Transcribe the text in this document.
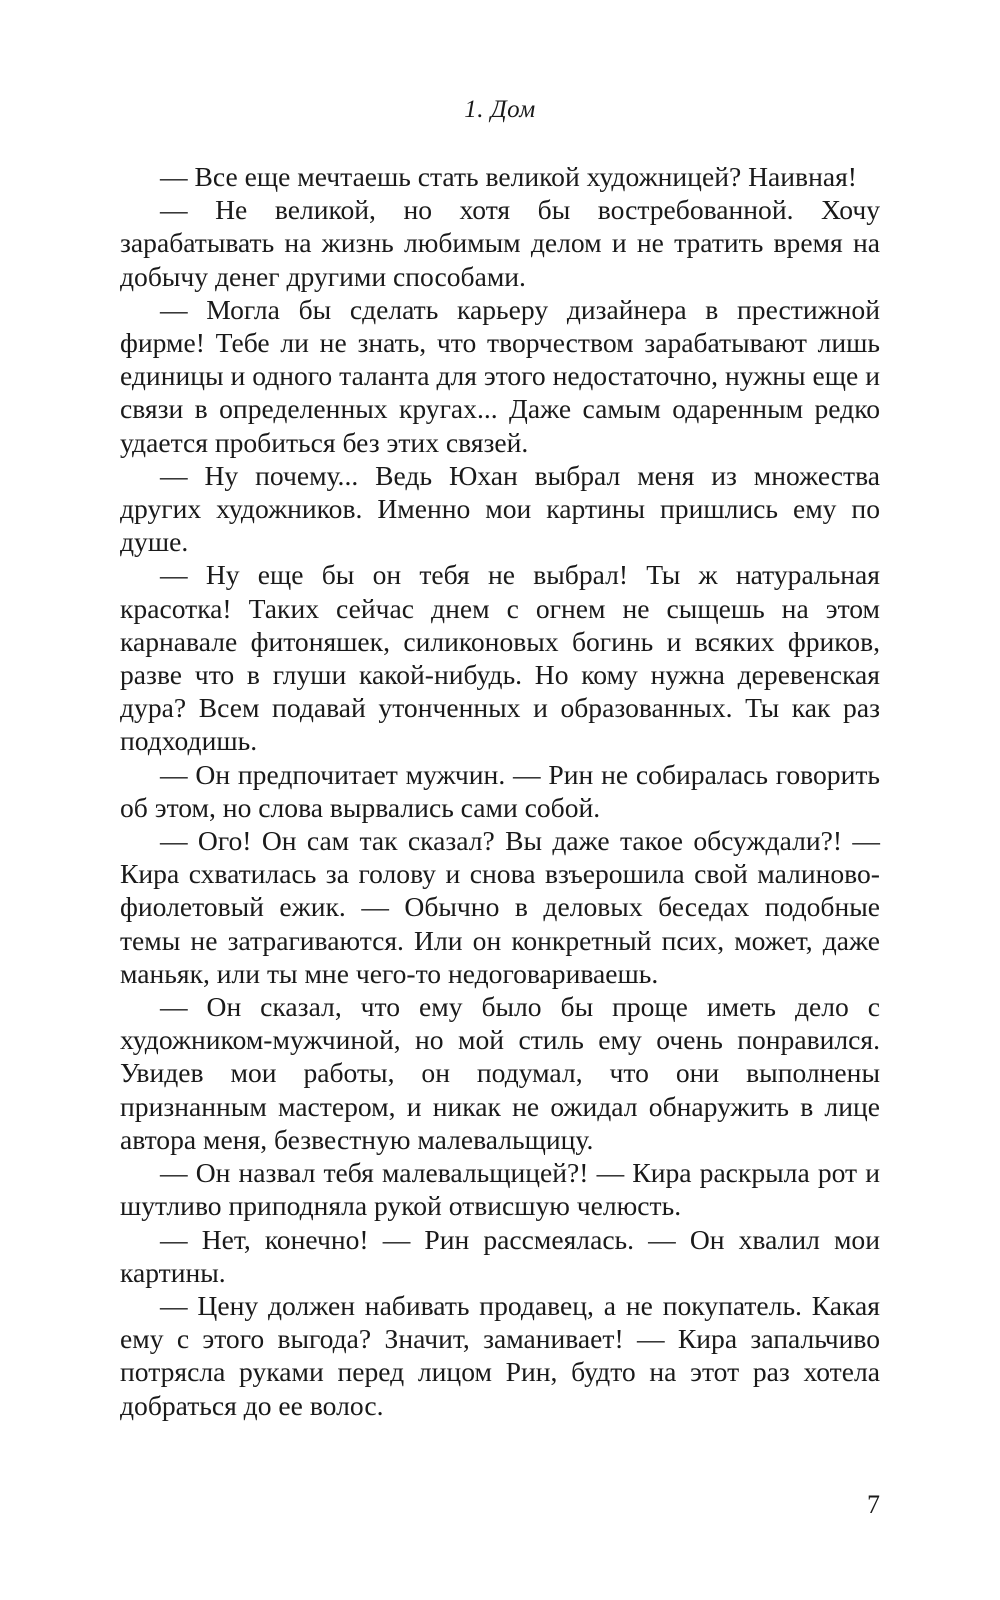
1. Дом

— Все еще мечтаешь стать великой художницей? Наивная!

— Не великой, но хотя бы востребованной. Хочу зарабатывать на жизнь любимым делом и не тратить время на добычу денег другими способами.

— Могла бы сделать карьеру дизайнера в престижной фирме! Тебе ли не знать, что творчеством зарабатывают лишь единицы и одного таланта для этого недостаточно, нужны еще и связи в определенных кругах... Даже самым одаренным редко удается пробиться без этих связей.

— Ну почему... Ведь Юхан выбрал меня из множества других художников. Именно мои картины пришлись ему по душе.

— Ну еще бы он тебя не выбрал! Ты ж натуральная красотка! Таких сейчас днем с огнем не сыщешь на этом карнавале фитоняшек, силиконовых богинь и всяких фриков, разве что в глуши какой-нибудь. Но кому нужна деревенская дура? Всем подавай утонченных и образованных. Ты как раз подходишь.

— Он предпочитает мужчин. — Рин не собиралась говорить об этом, но слова вырвались сами собой.

— Ого! Он сам так сказал? Вы даже такое обсуждали?! — Кира схватилась за голову и снова взъерошила свой малиново-фиолетовый ежик. — Обычно в деловых беседах подобные темы не затрагиваются. Или он конкретный псих, может, даже маньяк, или ты мне чего-то недоговариваешь.

— Он сказал, что ему было бы проще иметь дело с художником-мужчиной, но мой стиль ему очень понравился. Увидев мои работы, он подумал, что они выполнены признанным мастером, и никак не ожидал обнаружить в лице автора меня, безвестную малевальщицу.

— Он назвал тебя малевальщицей?! — Кира раскрыла рот и шутливо приподняла рукой отвисшую челюсть.

— Нет, конечно! — Рин рассмеялась. — Он хвалил мои картины.

— Цену должен набивать продавец, а не покупатель. Какая ему с этого выгода? Значит, заманивает! — Кира запальчиво потрясла руками перед лицом Рин, будто на этот раз хотела добраться до ее волос.

7
